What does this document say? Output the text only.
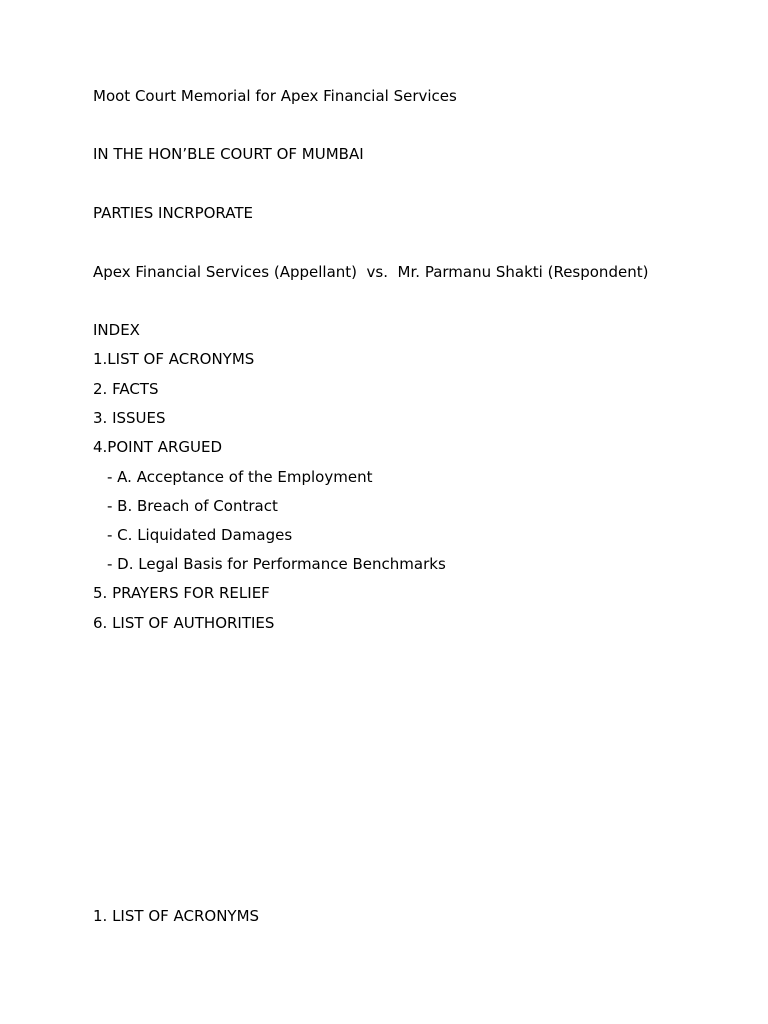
Moot Court Memorial for Apex Financial Services
IN THE HON’BLE COURT OF MUMBAI
PARTIES INCRPORATE
Apex Financial Services (Appellant)  vs.  Mr. Parmanu Shakti (Respondent)
INDEX
1.LIST OF ACRONYMS
2. FACTS
3. ISSUES
4.POINT ARGUED
- A. Acceptance of the Employment
- B. Breach of Contract
- C. Liquidated Damages
- D. Legal Basis for Performance Benchmarks
5. PRAYERS FOR RELIEF
6. LIST OF AUTHORITIES
1. LIST OF ACRONYMS
